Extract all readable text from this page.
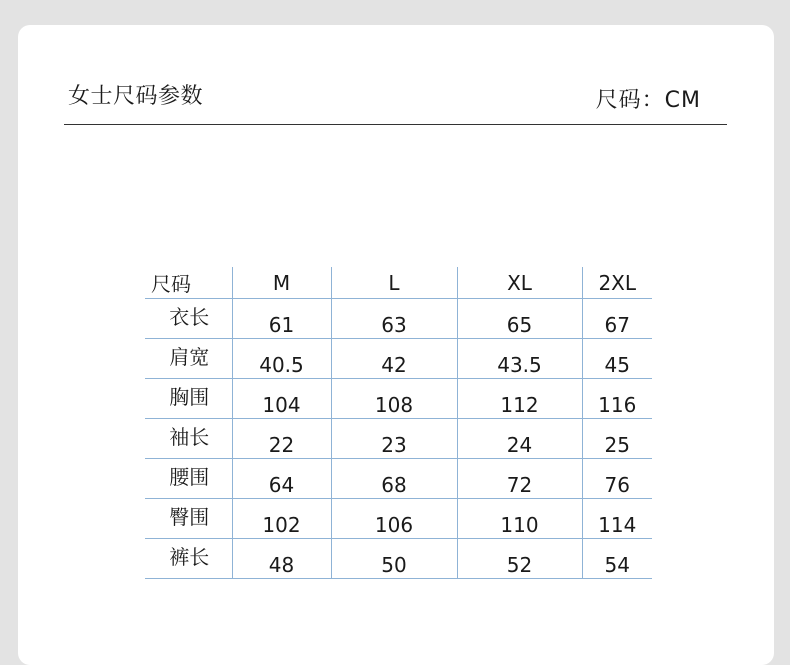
女士尺码参数	尺码：CM
尺码	M	L	XL	2XL
衣长	61	63	65	67
肩宽	40.5	42	43.5	45
胸围	104	108	112	116
袖长	22	23	24	25
腰围	64	68	72	76
臀围	102	106	110	114
裤长	48	50	52	54
